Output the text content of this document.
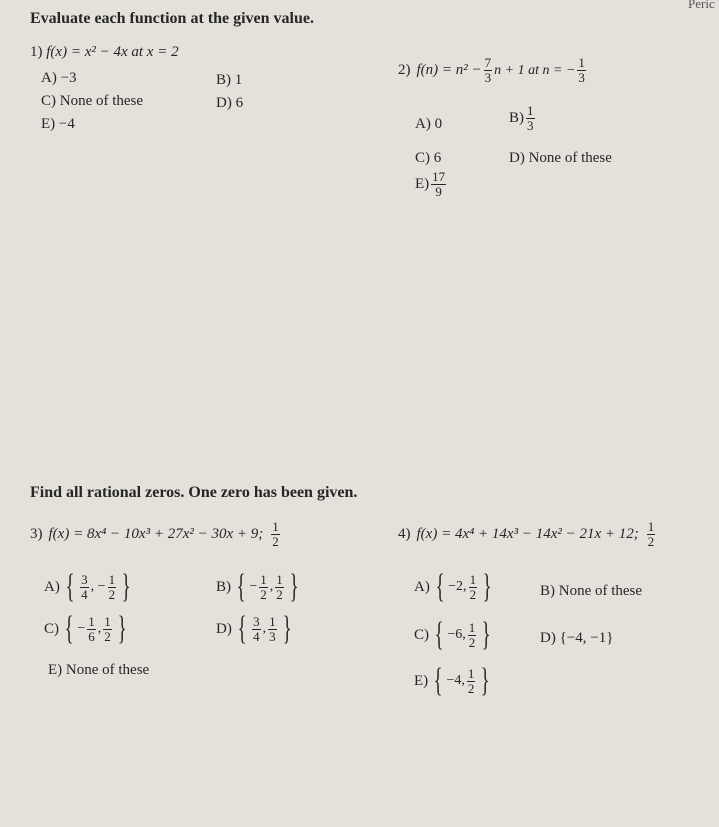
Peric
Evaluate each function at the given value.
1) f(x) = x² − 4x at x = 2
A) −3	B) 1
C) None of these	D) 6
E) −4
2) $f(n) = n^2 - \frac{7}{3}$ n + 1 at n = − $\frac{1}{3}$
A) 0	$B) \frac{1}{3}$
C) 6	D) None of these
$E) \frac{17}{9}$
Find all rational zeros. One zero has been given.
3) f(x) = 8x⁴ − 10x³ + 27x² − 30x + 9; $\frac{1}{2}$
A) { $\frac{3}{4}$ , − $\frac{1}{2}$ }	B) { − $\frac{1}{2}$ , $\frac{1}{2}$ }
C) { − $\frac{1}{6}$ , $\frac{1}{2}$ }	D) { $\frac{3}{4}$ , $\frac{1}{3}$ }
E) None of these
4) f(x) = 4x⁴ + 14x³ − 14x² − 21x + 12; $\frac{1}{2}$
A) { −2, $\frac{1}{2}$ }	B) None of these
C) { −6, $\frac{1}{2}$ }	D) {−4, −1}
E) { −4, $\frac{1}{2}$ }
